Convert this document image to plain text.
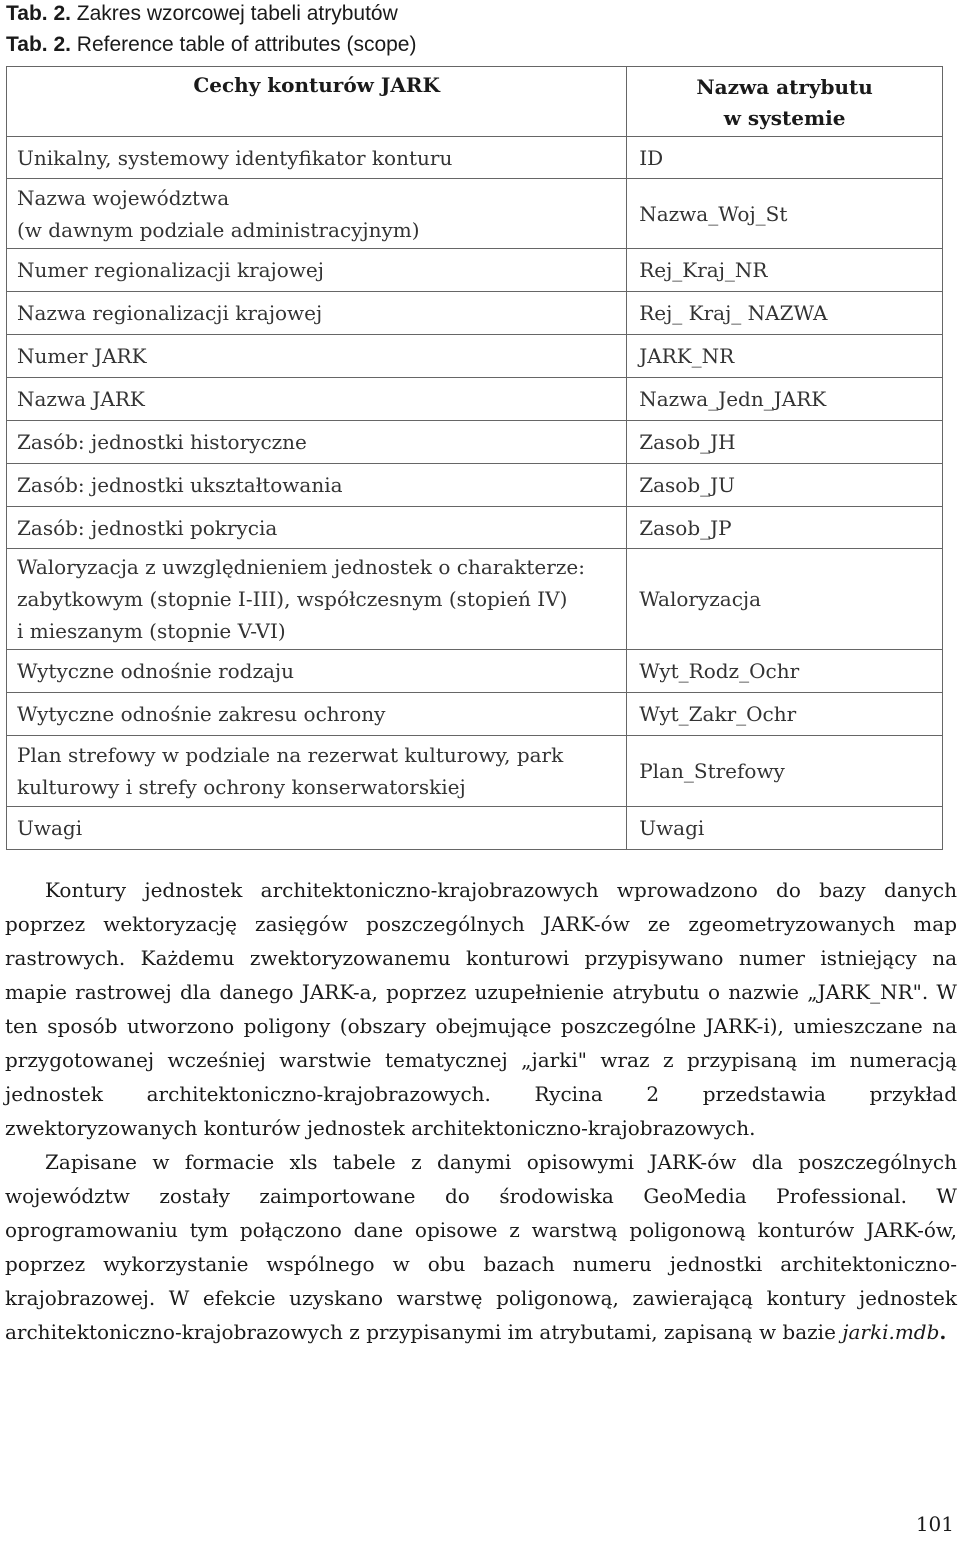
Tab. 2. Zakres wzorcowej tabeli atrybutów
Tab. 2. Reference table of attributes (scope)
Cechy konturów JARK	Nazwa atrybutu
w systemie

Unikalny, systemowy identyfikator konturu	ID

Nazwa województwa
(w dawnym podziale administracyjnym)	Nazwa_Woj_St

Numer regionalizacji krajowej	Rej_Kraj_NR

Nazwa regionalizacji krajowej	Rej_ Kraj_ NAZWA

Numer JARK	JARK_NR

Nazwa JARK	Nazwa_Jedn_JARK

Zasób: jednostki historyczne	Zasob_JH

Zasób: jednostki ukształtowania	Zasob_JU

Zasób: jednostki pokrycia	Zasob_JP

Waloryzacja z uwzględnieniem jednostek o charakterze:
zabytkowym (stopnie I-III), współczesnym (stopień IV)
i mieszanym (stopnie V-VI)	Waloryzacja

Wytyczne odnośnie rodzaju	Wyt_Rodz_Ochr

Wytyczne odnośnie zakresu ochrony	Wyt_Zakr_Ochr

Plan strefowy w podziale na rezerwat kulturowy, park
kulturowy i strefy ochrony konserwatorskiej	Plan_Strefowy

Uwagi	Uwagi

Kontury jednostek architektoniczno-krajobrazowych wprowadzono do bazy danych poprzez wektoryzację zasięgów poszczególnych JARK-ów ze zgeometryzowanych map rastrowych. Każdemu zwektoryzowanemu konturowi przypisywano numer istniejący na mapie rastrowej dla danego JARK-a, poprzez uzupełnienie atrybutu o nazwie „JARK_NR". W ten sposób utworzono poligony (obszary obejmujące poszczególne JARK-i), umieszczane na przygotowanej wcześniej warstwie tematycznej „jarki" wraz z przypisaną im numeracją jednostek architektoniczno-krajobrazowych. Rycina 2 przedstawia przykład zwektoryzowanych konturów jednostek architektoniczno-krajobrazowych.

Zapisane w formacie xls tabele z danymi opisowymi JARK-ów dla poszczególnych województw zostały zaimportowane do środowiska GeoMedia Professional. W oprogramowaniu tym połączono dane opisowe z warstwą poligonową konturów JARK-ów, poprzez wykorzystanie wspólnego w obu bazach numeru jednostki architektoniczno-krajobrazowej. W efekcie uzyskano warstwę poligonową, zawierającą kontury jednostek architektoniczno-krajobrazowych z przypisanymi im atrybutami, zapisaną w bazie jarki.mdb.

101
